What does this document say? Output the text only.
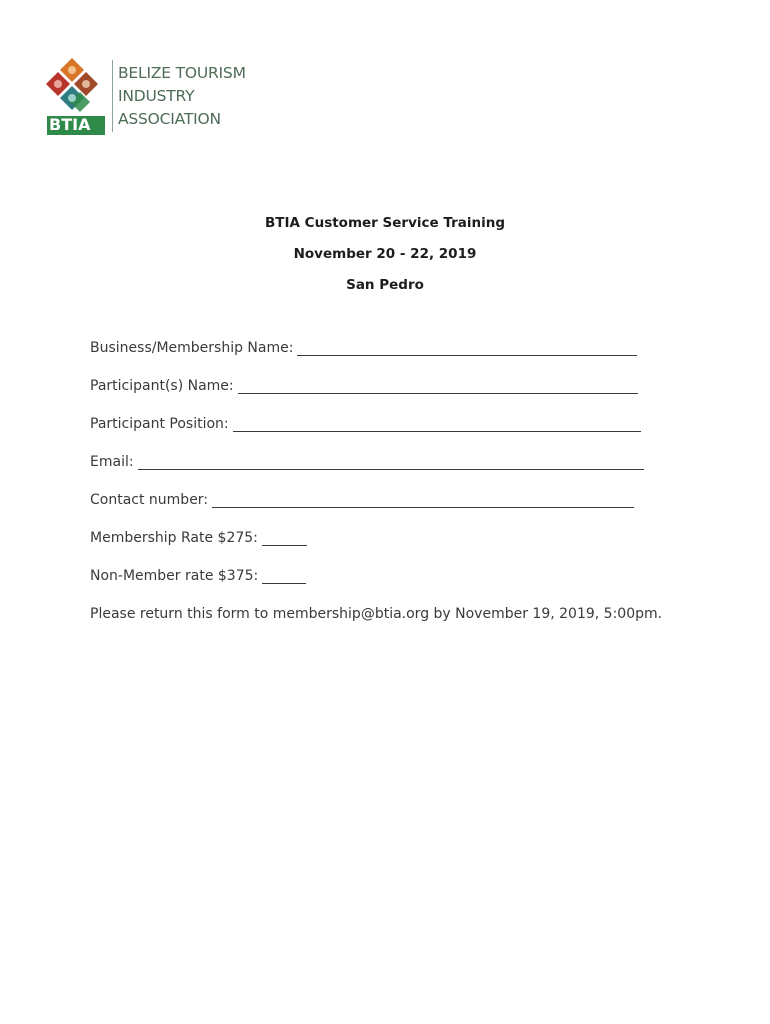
BTIA
BELIZE TOURISM
INDUSTRY
ASSOCIATION
BTIA Customer Service Training
November 20 - 22, 2019
San Pedro
Business/Membership Name:
Participant(s) Name:
Participant Position:
Email:
Contact number:
Membership Rate $275:
Non-Member rate $375:
Please return this form to membership@btia.org by November 19, 2019, 5:00pm.
